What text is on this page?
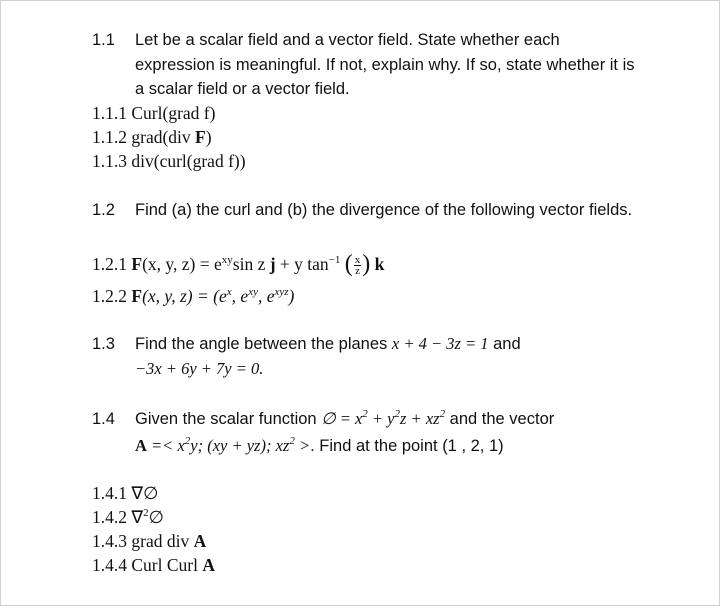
1.1 Let be a scalar field and a vector field. State whether each expression is meaningful. If not, explain why. If so, state whether it is a scalar field or a vector field.
1.1.1 Curl(grad f)
1.1.2 grad(div F)
1.1.3 div(curl(grad f))
1.2 Find (a) the curl and (b) the divergence of the following vector fields.
1.2.1 F(x, y, $z) = e^{xy}\sin$ z j + y $\tan^{-1}$ ( $\frac{x}{z}$ ) k
1.2.2 F(x, y, $z) = (e^x$, $e^{xy}$, $e^{xyz}$)
1.3 Find the angle between the planes x + 4 − 3z = 1 and
−3x + 6y + 7y = 0.
1.4 Given the scalar function ∅ = $x^2 + y^2z + xz^2$ and the vector
$A =< x^2y$; (xy + yz); $xz^2$ >. Find at the point (1 , 2, 1)
1.4.1 ∇∅
1.4.2 ∇$^2$∅
1.4.3 grad div A
1.4.4 Curl Curl A
